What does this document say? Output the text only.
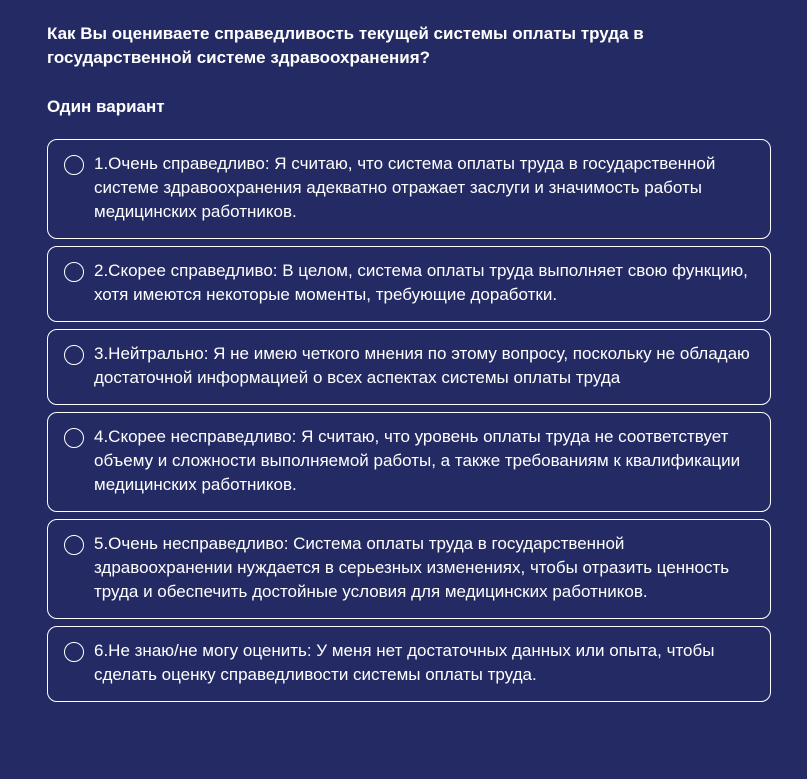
Как Вы оцениваете справедливость текущей системы оплаты труда в государственной системе здравоохранения?
Один вариант
1.Очень справедливо: Я считаю, что система оплаты труда в государственной системе здравоохранения адекватно отражает заслуги и значимость работы медицинских работников.
2.Скорее справедливо: В целом, система оплаты труда выполняет свою функцию, хотя имеются некоторые моменты, требующие доработки.
3.Нейтрально: Я не имею четкого мнения по этому вопросу, поскольку не обладаю достаточной информацией о всех аспектах системы оплаты труда
4.Скорее несправедливо: Я считаю, что уровень оплаты труда не соответствует объему и сложности выполняемой работы, а также требованиям к квалификации медицинских работников.
5.Очень несправедливо: Система оплаты труда в государственной здравоохранении нуждается в серьезных изменениях, чтобы отразить ценность труда и обеспечить достойные условия для медицинских работников.
6.Не знаю/не могу оценить: У меня нет достаточных данных или опыта, чтобы сделать оценку справедливости системы оплаты труда.
